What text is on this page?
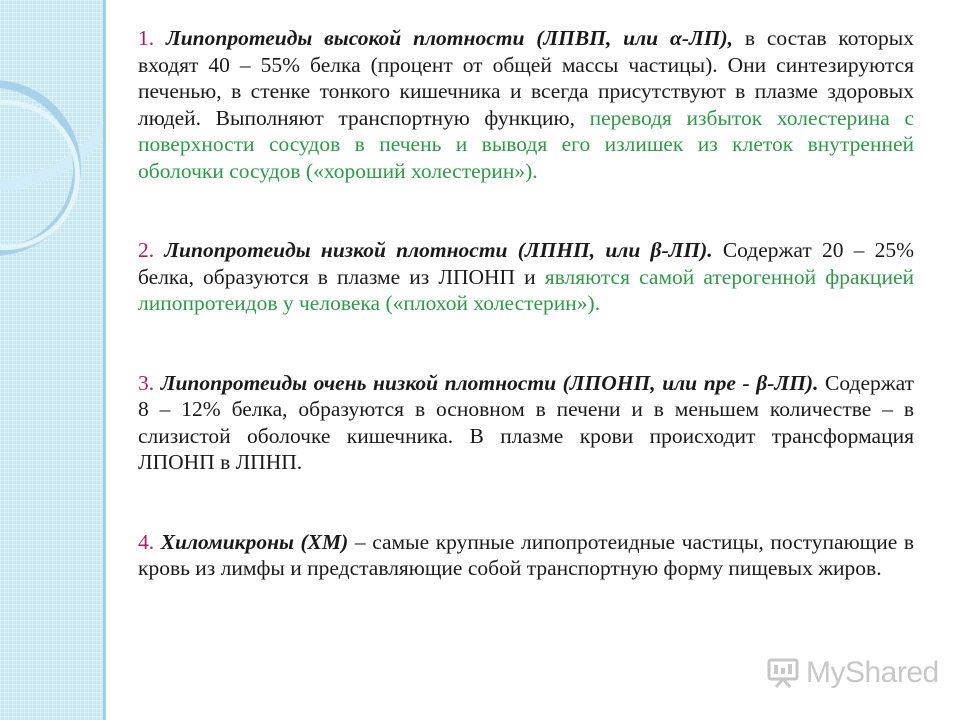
1. Липопротеиды высокой плотности (ЛПВП, или α-ЛП), в состав которых входят 40 – 55% белка (процент от общей массы частицы). Они синтезируются печенью, в стенке тонкого кишечника и всегда присутствуют в плазме здоровых людей. Выполняют транспортную функцию, переводя избыток холестерина с поверхности сосудов в печень и выводя его излишек из клеток внутренней оболочки сосудов («хороший холестерин»).

2. Липопротеиды низкой плотности (ЛПНП, или β-ЛП). Содержат 20 – 25% белка, образуются в плазме из ЛПОНП и являются самой атерогенной фракцией липопротеидов у человека («плохой холестерин»).

3. Липопротеиды очень низкой плотности (ЛПОНП, или пре - β-ЛП). Содержат 8 – 12% белка, образуются в основном в печени и в меньшем количестве – в слизистой оболочке кишечника. В плазме крови происходит трансформация ЛПОНП в ЛПНП.

4. Хиломикроны (ХМ) – самые крупные липопротеидные частицы, поступающие в кровь из лимфы и представляющие собой транспортную форму пищевых жиров.

MyShared
